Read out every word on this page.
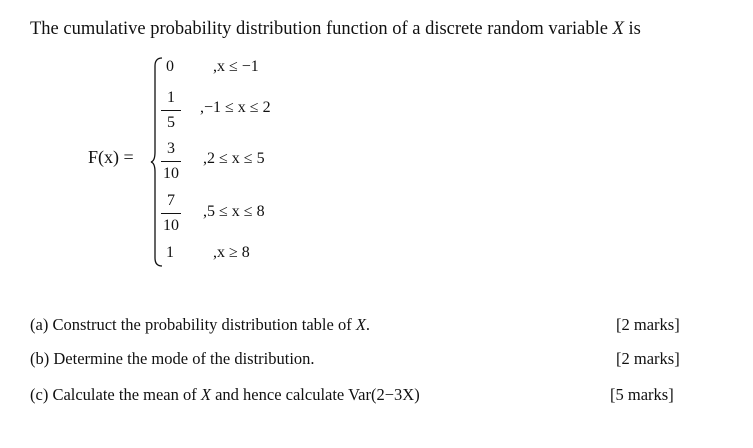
The cumulative probability distribution function of a discrete random variable X is
F(x) =
0 ,x ≤ −1
1
5
,−1 ≤ x ≤ 2
3
10
,2 ≤ x ≤ 5
7
10
,5 ≤ x ≤ 8
1 ,x ≥ 8
(a) Construct the probability distribution table of X.	[2 marks]
(b) Determine the mode of the distribution.	[2 marks]
(c) Calculate the mean of X and hence calculate Var(2−3X)	[5 marks]
